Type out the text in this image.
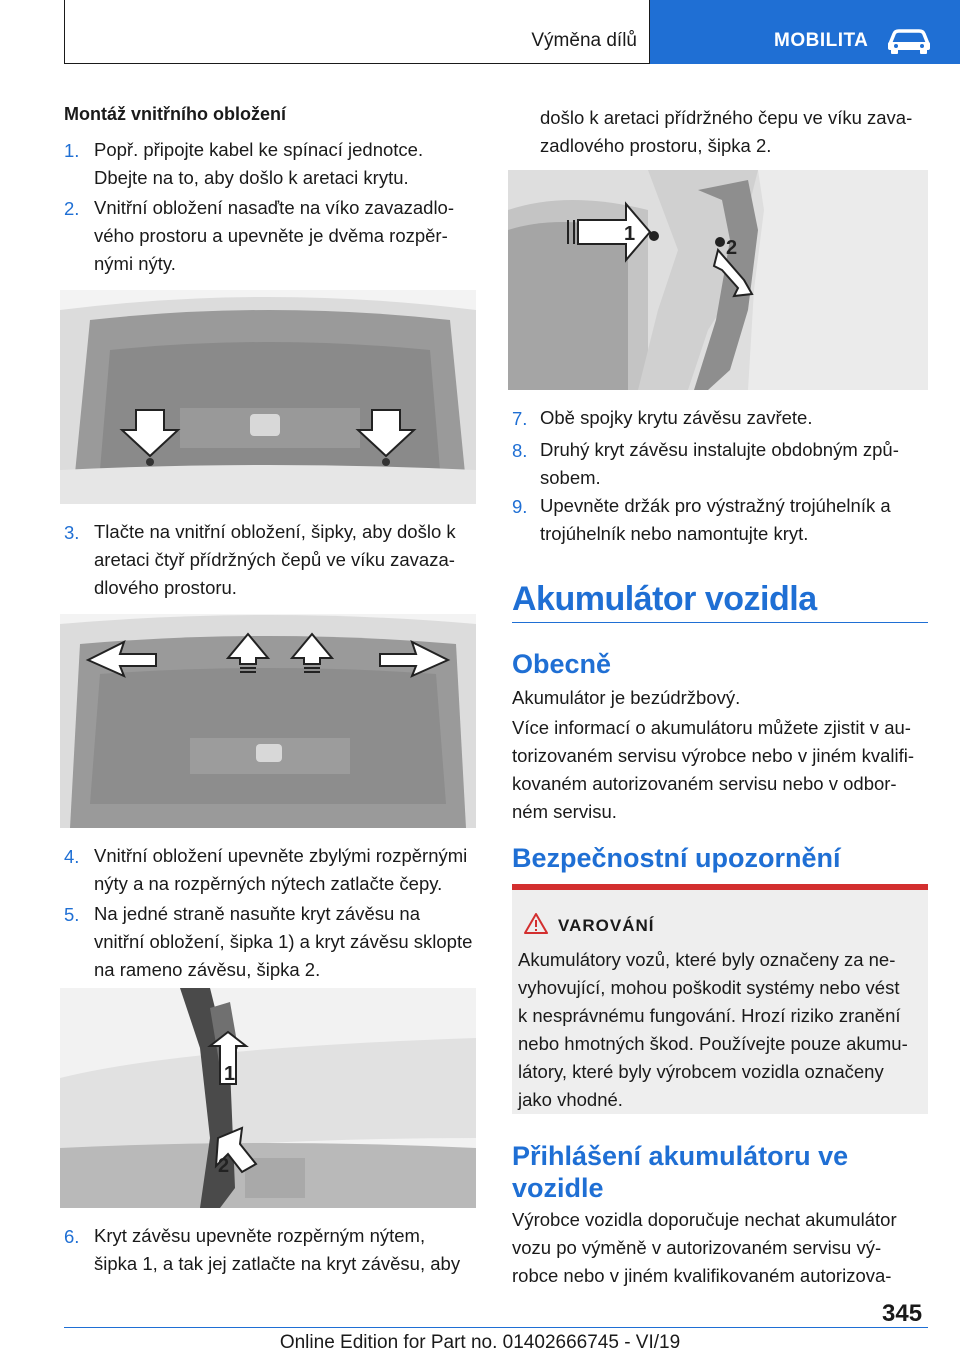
Výměna dílů	MOBILITA
Montáž vnitřního obložení
1. Popř. připojte kabel ke spínací jednotce.
Dbejte na to, aby došlo k aretaci krytu.
2. Vnitřní obložení nasaďte na víko zavazadlo-
vého prostoru a upevněte je dvěma rozpěr-
nými nýty.
3. Tlačte na vnitřní obložení, šipky, aby došlo k
aretaci čtyř přídržných čepů ve víku zavaza-
dlového prostoru.
4. Vnitřní obložení upevněte zbylými rozpěrnými
nýty a na rozpěrných nýtech zatlačte čepy.
5. Na jedné straně nasuňte kryt závěsu na
vnitřní obložení, šipka 1) a kryt závěsu sklopte
na rameno závěsu, šipka 2.
1
2
6. Kryt závěsu upevněte rozpěrným nýtem,
šipka 1, a tak jej zatlačte na kryt závěsu, aby
došlo k aretaci přídržného čepu ve víku zava-
zadlového prostoru, šipka 2.
1
2
7. Obě spojky krytu závěsu zavřete.
8. Druhý kryt závěsu instalujte obdobným způ-
sobem.
9. Upevněte držák pro výstražný trojúhelník a
trojúhelník nebo namontujte kryt.
Akumulátor vozidla
Obecně
Akumulátor je bezúdržbový.
Více informací o akumulátoru můžete zjistit v au-
torizovaném servisu výrobce nebo v jiném kvalifi-
kovaném autorizovaném servisu nebo v odbor-
ném servisu.
Bezpečnostní upozornění
VAROVÁNÍ
Akumulátory vozů, které byly označeny za ne-
vyhovující, mohou poškodit systémy nebo vést
k nesprávnému fungování. Hrozí riziko zranění
nebo hmotných škod. Používejte pouze akumu-
látory, které byly výrobcem vozidla označeny
jako vhodné.
Přihlášení akumulátoru ve
vozidle
Výrobce vozidla doporučuje nechat akumulátor
vozu po výměně v autorizovaném servisu vý-
robce nebo v jiném kvalifikovaném autorizova-
345
Online Edition for Part no. 01402666745 - VI/19
